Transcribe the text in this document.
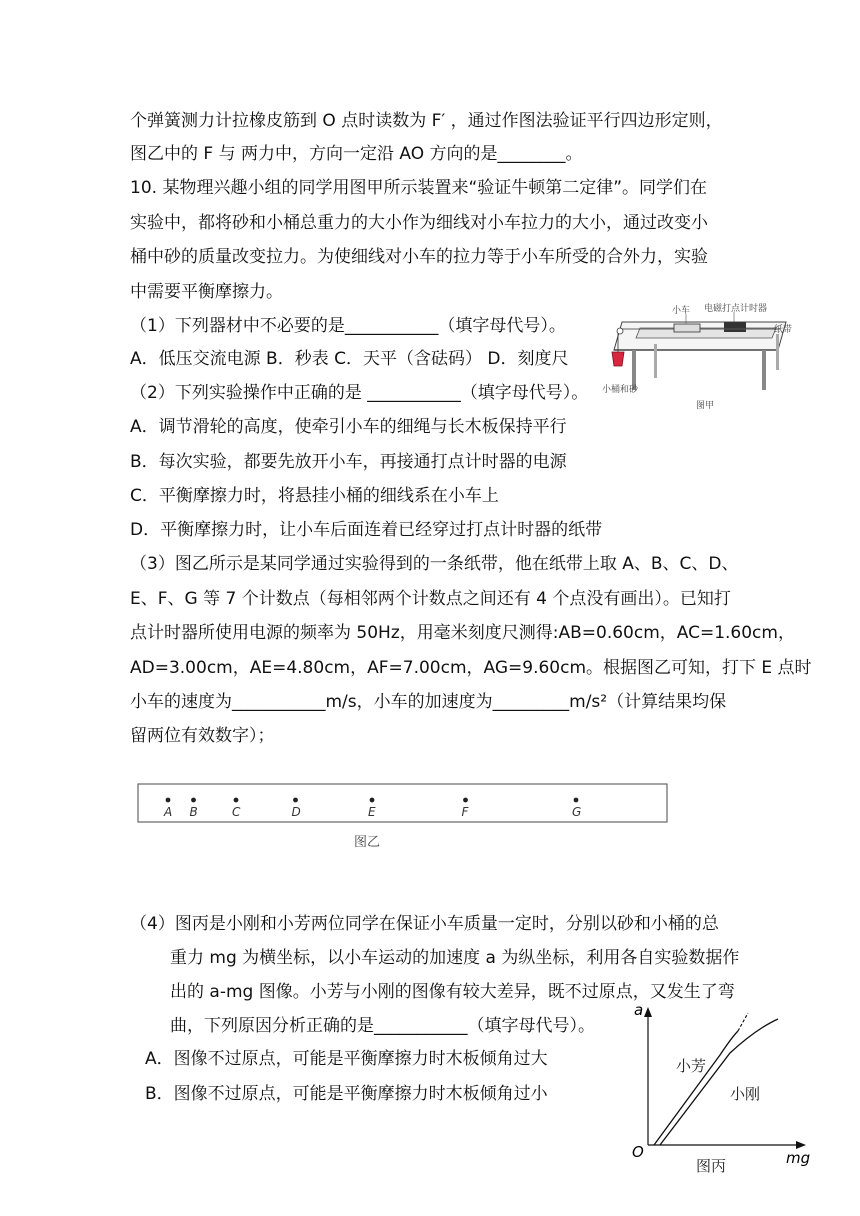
个弹簧测力计拉橡皮筋到 O 点时读数为 F′ ，通过作图法验证平行四边形定则，
图乙中的 F 与 两力中，方向一定沿 AO 方向的是________。
10. 某物理兴趣小组的同学用图甲所示装置来“验证牛顿第二定律”。同学们在
实验中，都将砂和小桶总重力的大小作为细线对小车拉力的大小，通过改变小
桶中砂的质量改变拉力。为使细线对小车的拉力等于小车所受的合外力，实验
中需要平衡摩擦力。
（1）下列器材中不必要的是___________（填字母代号）。
A．低压交流电源 B．秒表 C．天平（含砝码） D．刻度尺
（2）下列实验操作中正确的是 ___________（填字母代号）。
A．调节滑轮的高度，使牵引小车的细绳与长木板保持平行
B．每次实验，都要先放开小车，再接通打点计时器的电源
C．平衡摩擦力时，将悬挂小桶的细线系在小车上
D．平衡摩擦力时，让小车后面连着已经穿过打点计时器的纸带
（3）图乙所示是某同学通过实验得到的一条纸带，他在纸带上取 A、B、C、D、
E、F、G 等 7 个计数点（每相邻两个计数点之间还有 4 个点没有画出）。已知打
点计时器所使用电源的频率为 50Hz，用毫米刻度尺测得:AB=0.60cm，AC=1.60cm，
AD=3.00cm，AE=4.80cm，AF=7.00cm，AG=9.60cm。根据图乙可知，打下 E 点时
小车的速度为___________m/s，小车的加速度为_________m/s²（计算结果均保
留两位有效数字）；
（4）图丙是小刚和小芳两位同学在保证小车质量一定时，分别以砂和小桶的总
重力 mg 为横坐标，以小车运动的加速度 a 为纵坐标，利用各自实验数据作
出的 a-mg 图像。小芳与小刚的图像有较大差异，既不过原点，又发生了弯
曲，下列原因分析正确的是___________（填字母代号）。
A．图像不过原点，可能是平衡摩擦力时木板倾角过大
B．图像不过原点，可能是平衡摩擦力时木板倾角过小
小车 电磁打点计时器
纸带
小桶和砂
图甲
A B	C	D	E	F	G
图乙
a
mg
O
小芳
小刚
图丙
